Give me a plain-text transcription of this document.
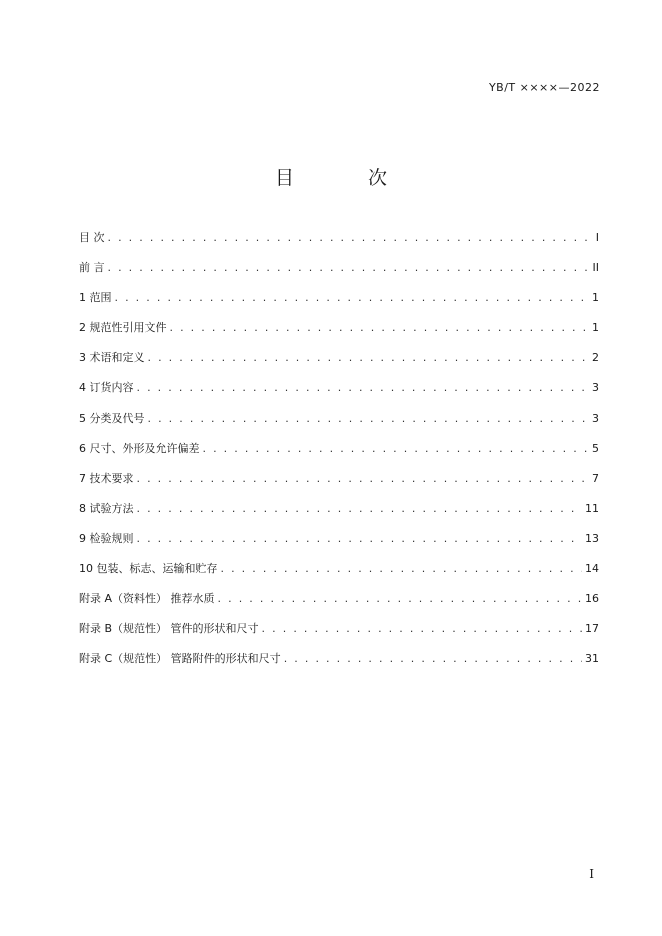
YB/T ××××—2022
目 次
目 次 . . .	I
前 言 . . .	II
1 范围 . . .	1
2 规范性引用文件 . . .	1
3 术语和定义 . . .	2
4 订货内容 . . .	3
5 分类及代号 . . .	3
6 尺寸、外形及允许偏差 . . .	5
7 技术要求 . . .	7
8 试验方法 . . .	11
9 检验规则 . . .	13
10 包装、标志、运输和贮存 . . .	14
附录 A（资料性） 推荐水质 . . .	16
附录 B（规范性） 管件的形状和尺寸 . . .	17
附录 C（规范性） 管路附件的形状和尺寸 . . .	31
I
